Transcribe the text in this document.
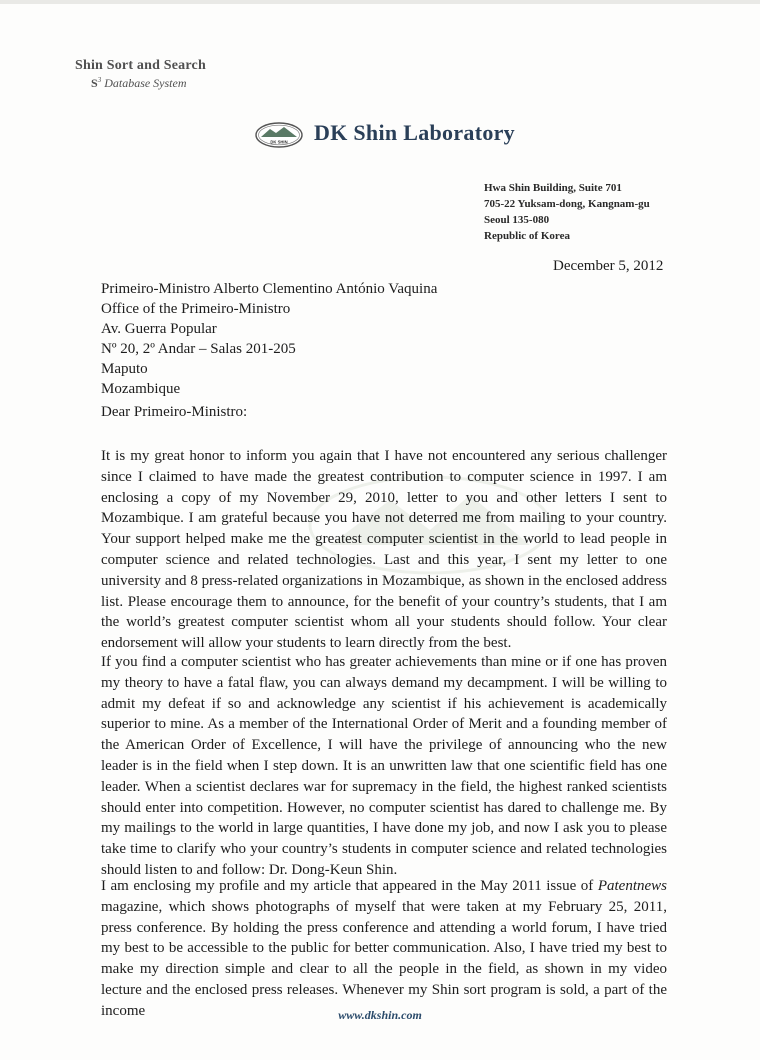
Shin Sort and Search
$S^3$ Database System
DK SHIN DK Shin Laboratory
Hwa Shin Building, Suite 701
705-22 Yuksam-dong, Kangnam-gu
Seoul 135-080
Republic of Korea
December 5, 2012
Primeiro-Ministro Alberto Clementino António Vaquina
Office of the Primeiro-Ministro
Av. Guerra Popular
Nº 20, 2º Andar – Salas 201-205
Maputo
Mozambique
Dear Primeiro-Ministro:
It is my great honor to inform you again that I have not encountered any serious challenger since I claimed to have made the greatest contribution to computer science in 1997. I am enclosing a copy of my November 29, 2010, letter to you and other letters I sent to Mozambique. I am grateful because you have not deterred me from mailing to your country. Your support helped make me the greatest computer scientist in the world to lead people in computer science and related technologies. Last and this year, I sent my letter to one university and 8 press-related organizations in Mozambique, as shown in the enclosed address list. Please encourage them to announce, for the benefit of your country’s students, that I am the world’s greatest computer scientist whom all your students should follow. Your clear endorsement will allow your students to learn directly from the best.
If you find a computer scientist who has greater achievements than mine or if one has proven my theory to have a fatal flaw, you can always demand my decampment. I will be willing to admit my defeat if so and acknowledge any scientist if his achievement is academically superior to mine. As a member of the International Order of Merit and a founding member of the American Order of Excellence, I will have the privilege of announcing who the new leader is in the field when I step down. It is an unwritten law that one scientific field has one leader. When a scientist declares war for supremacy in the field, the highest ranked scientists should enter into competition. However, no computer scientist has dared to challenge me. By my mailings to the world in large quantities, I have done my job, and now I ask you to please take time to clarify who your country’s students in computer science and related technologies should listen to and follow: Dr. Dong-Keun Shin.
I am enclosing my profile and my article that appeared in the May 2011 issue of Patentnews magazine, which shows photographs of myself that were taken at my February 25, 2011, press conference. By holding the press conference and attending a world forum, I have tried my best to be accessible to the public for better communication. Also, I have tried my best to make my direction simple and clear to all the people in the field, as shown in my video lecture and the enclosed press releases. Whenever my Shin sort program is sold, a part of the income	www.dkshin.com
